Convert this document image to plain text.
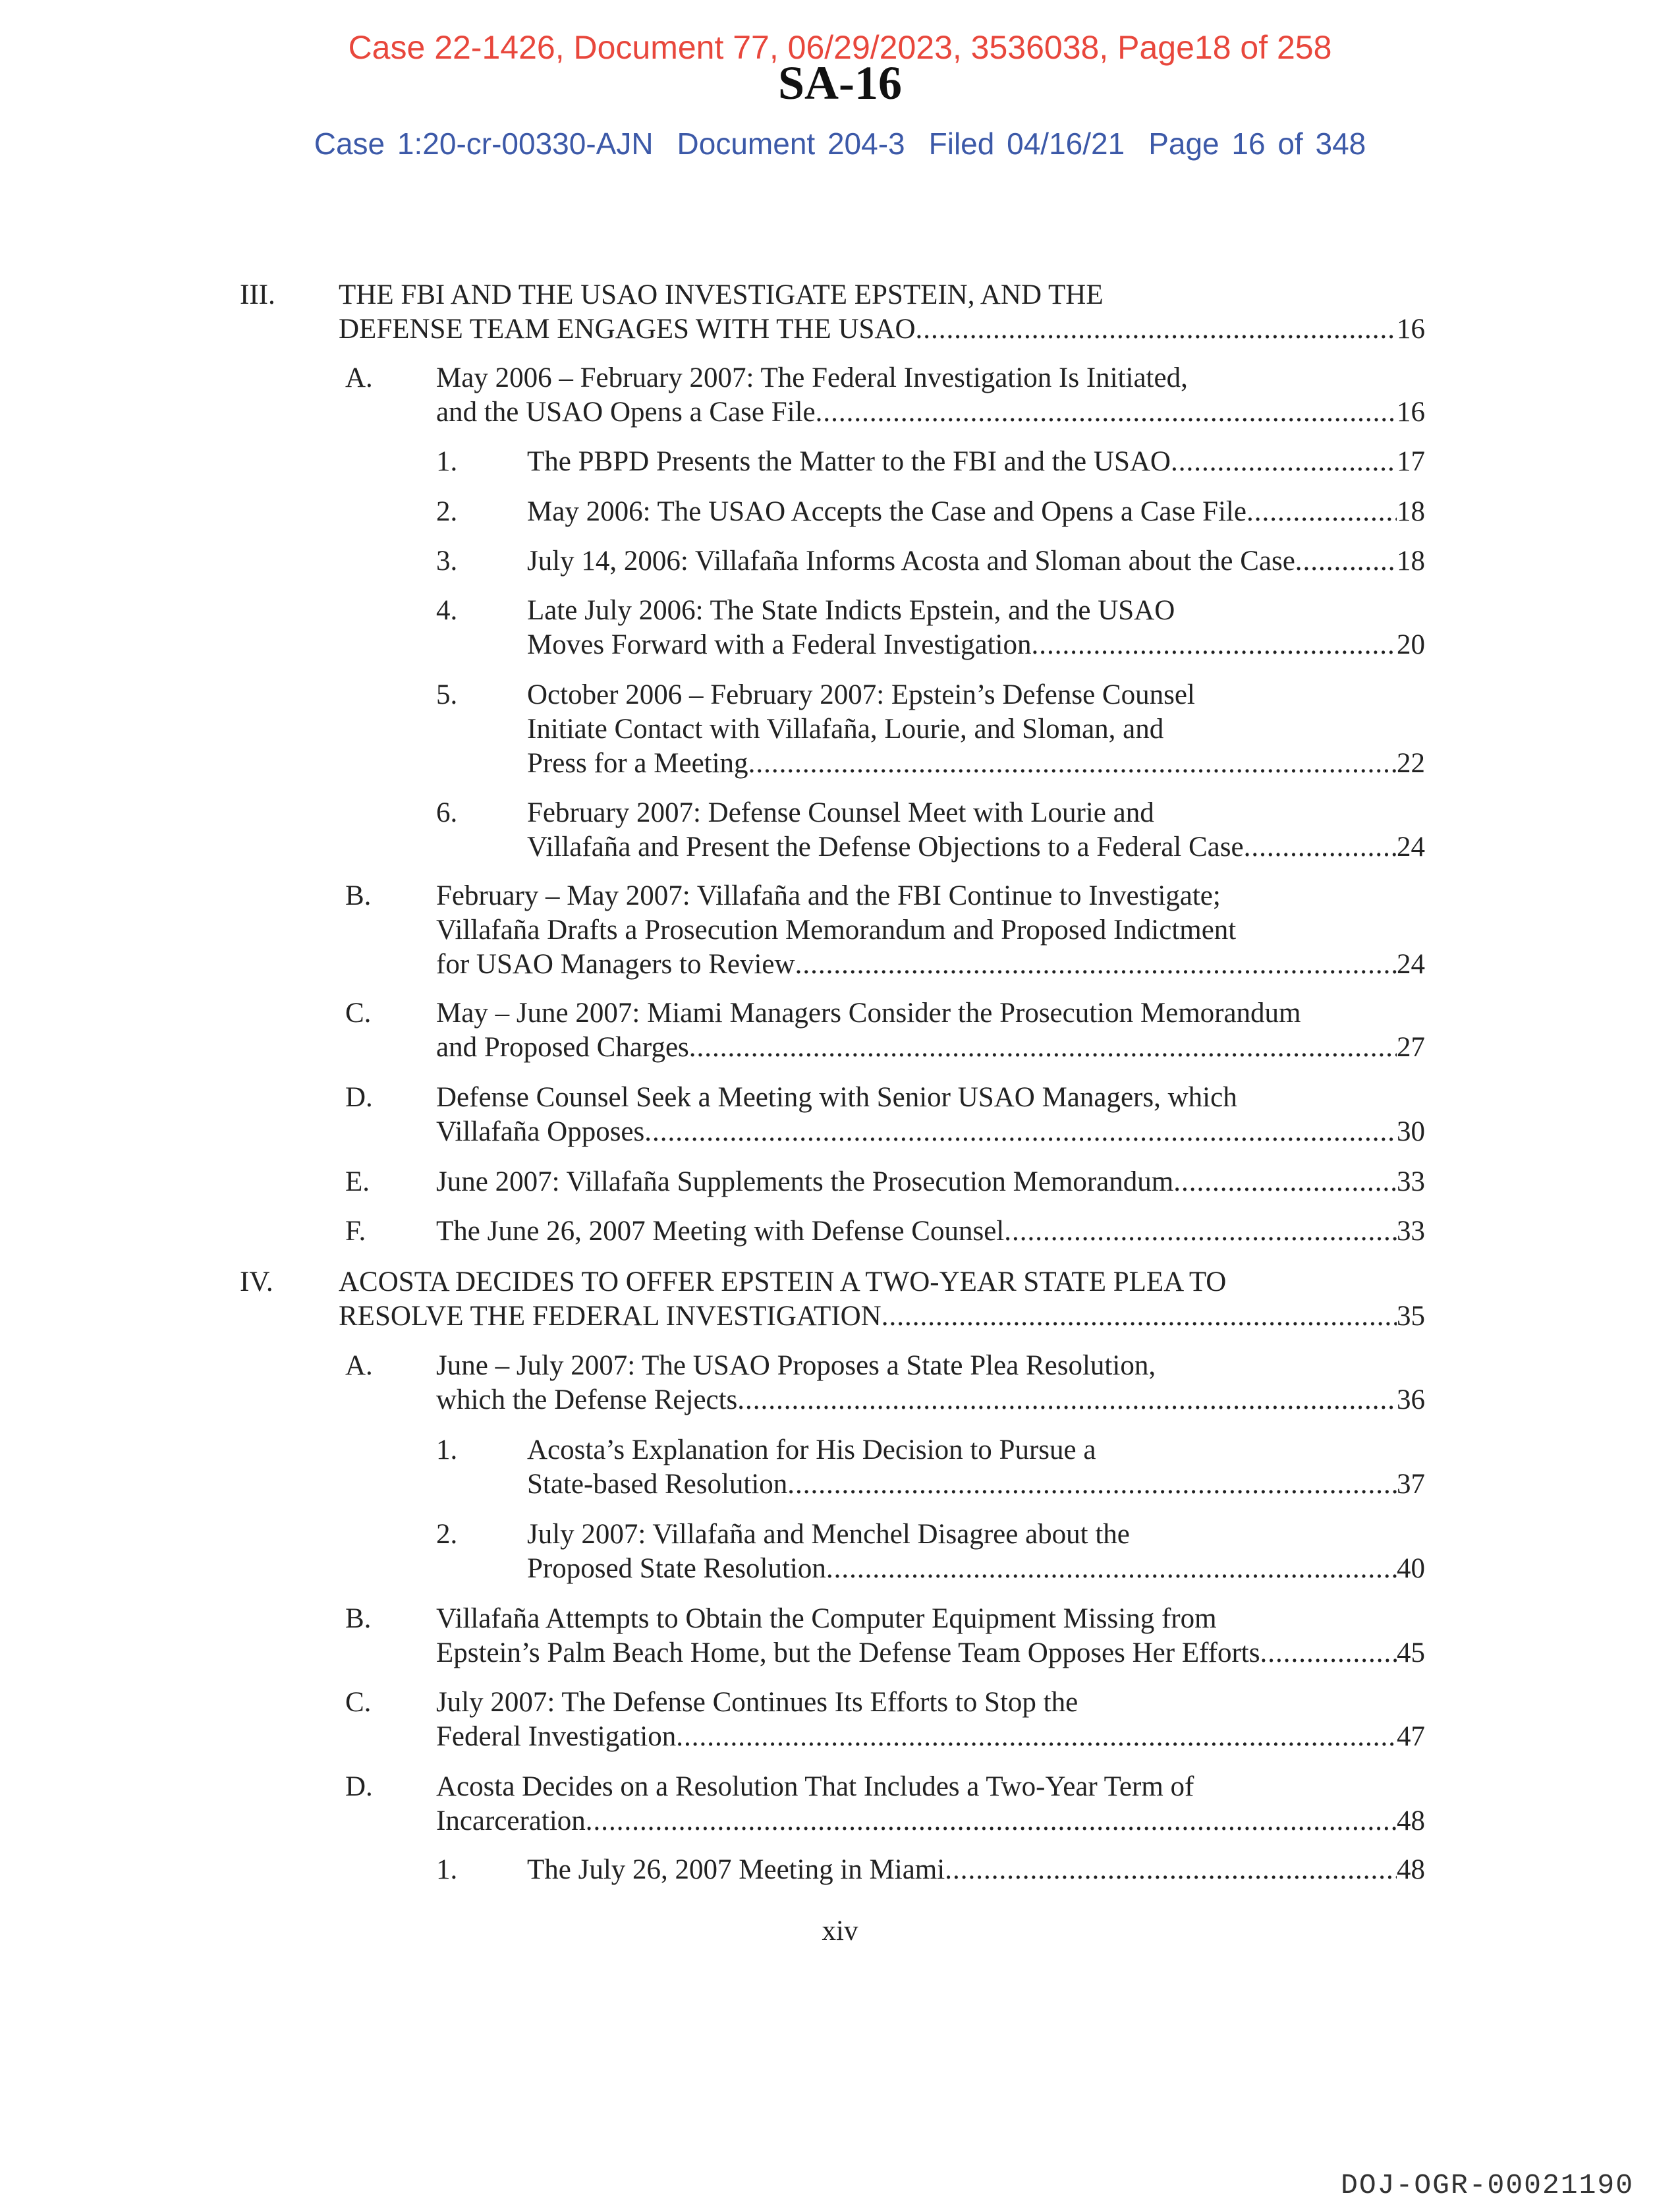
Case 22-1426, Document 77, 06/29/2023, 3536038, Page18 of 258
SA-16
Case 1:20-cr-00330-AJN Document 204-3 Filed 04/16/21 Page 16 of 348
III. THE FBI AND THE USAO INVESTIGATE EPSTEIN, AND THE
DEFENSE TEAM ENGAGES WITH THE USAO .....	16
A. May 2006 – February 2007: The Federal Investigation Is Initiated,
and the USAO Opens a Case File .....	16
1. The PBPD Presents the Matter to the FBI and the USAO .....	17
2. May 2006: The USAO Accepts the Case and Opens a Case File .....	18
3. July 14, 2006: Villafaña Informs Acosta and Sloman about the Case .....	18
4. Late July 2006: The State Indicts Epstein, and the USAO
Moves Forward with a Federal Investigation .....	20
5. October 2006 – February 2007: Epstein’s Defense Counsel
Initiate Contact with Villafaña, Lourie, and Sloman, and
Press for a Meeting .....	22
6. February 2007: Defense Counsel Meet with Lourie and
Villafaña and Present the Defense Objections to a Federal Case .....	24
B. February – May 2007: Villafaña and the FBI Continue to Investigate;
Villafaña Drafts a Prosecution Memorandum and Proposed Indictment
for USAO Managers to Review .....	24
C. May – June 2007: Miami Managers Consider the Prosecution Memorandum
and Proposed Charges .....	27
D. Defense Counsel Seek a Meeting with Senior USAO Managers, which
Villafaña Opposes .....	30
E. June 2007: Villafaña Supplements the Prosecution Memorandum .....	33
F. The June 26, 2007 Meeting with Defense Counsel .....	33
IV. ACOSTA DECIDES TO OFFER EPSTEIN A TWO-YEAR STATE PLEA TO
RESOLVE THE FEDERAL INVESTIGATION .....	35
A. June – July 2007: The USAO Proposes a State Plea Resolution,
which the Defense Rejects .....	36
1. Acosta’s Explanation for His Decision to Pursue a
State-based Resolution .....	37
2. July 2007: Villafaña and Menchel Disagree about the
Proposed State Resolution .....	40
B. Villafaña Attempts to Obtain the Computer Equipment Missing from
Epstein’s Palm Beach Home, but the Defense Team Opposes Her Efforts .....	45
C. July 2007: The Defense Continues Its Efforts to Stop the
Federal Investigation .....	47
D. Acosta Decides on a Resolution That Includes a Two-Year Term of
Incarceration .....	48
1. The July 26, 2007 Meeting in Miami .....	48
xiv
DOJ-OGR-00021190
